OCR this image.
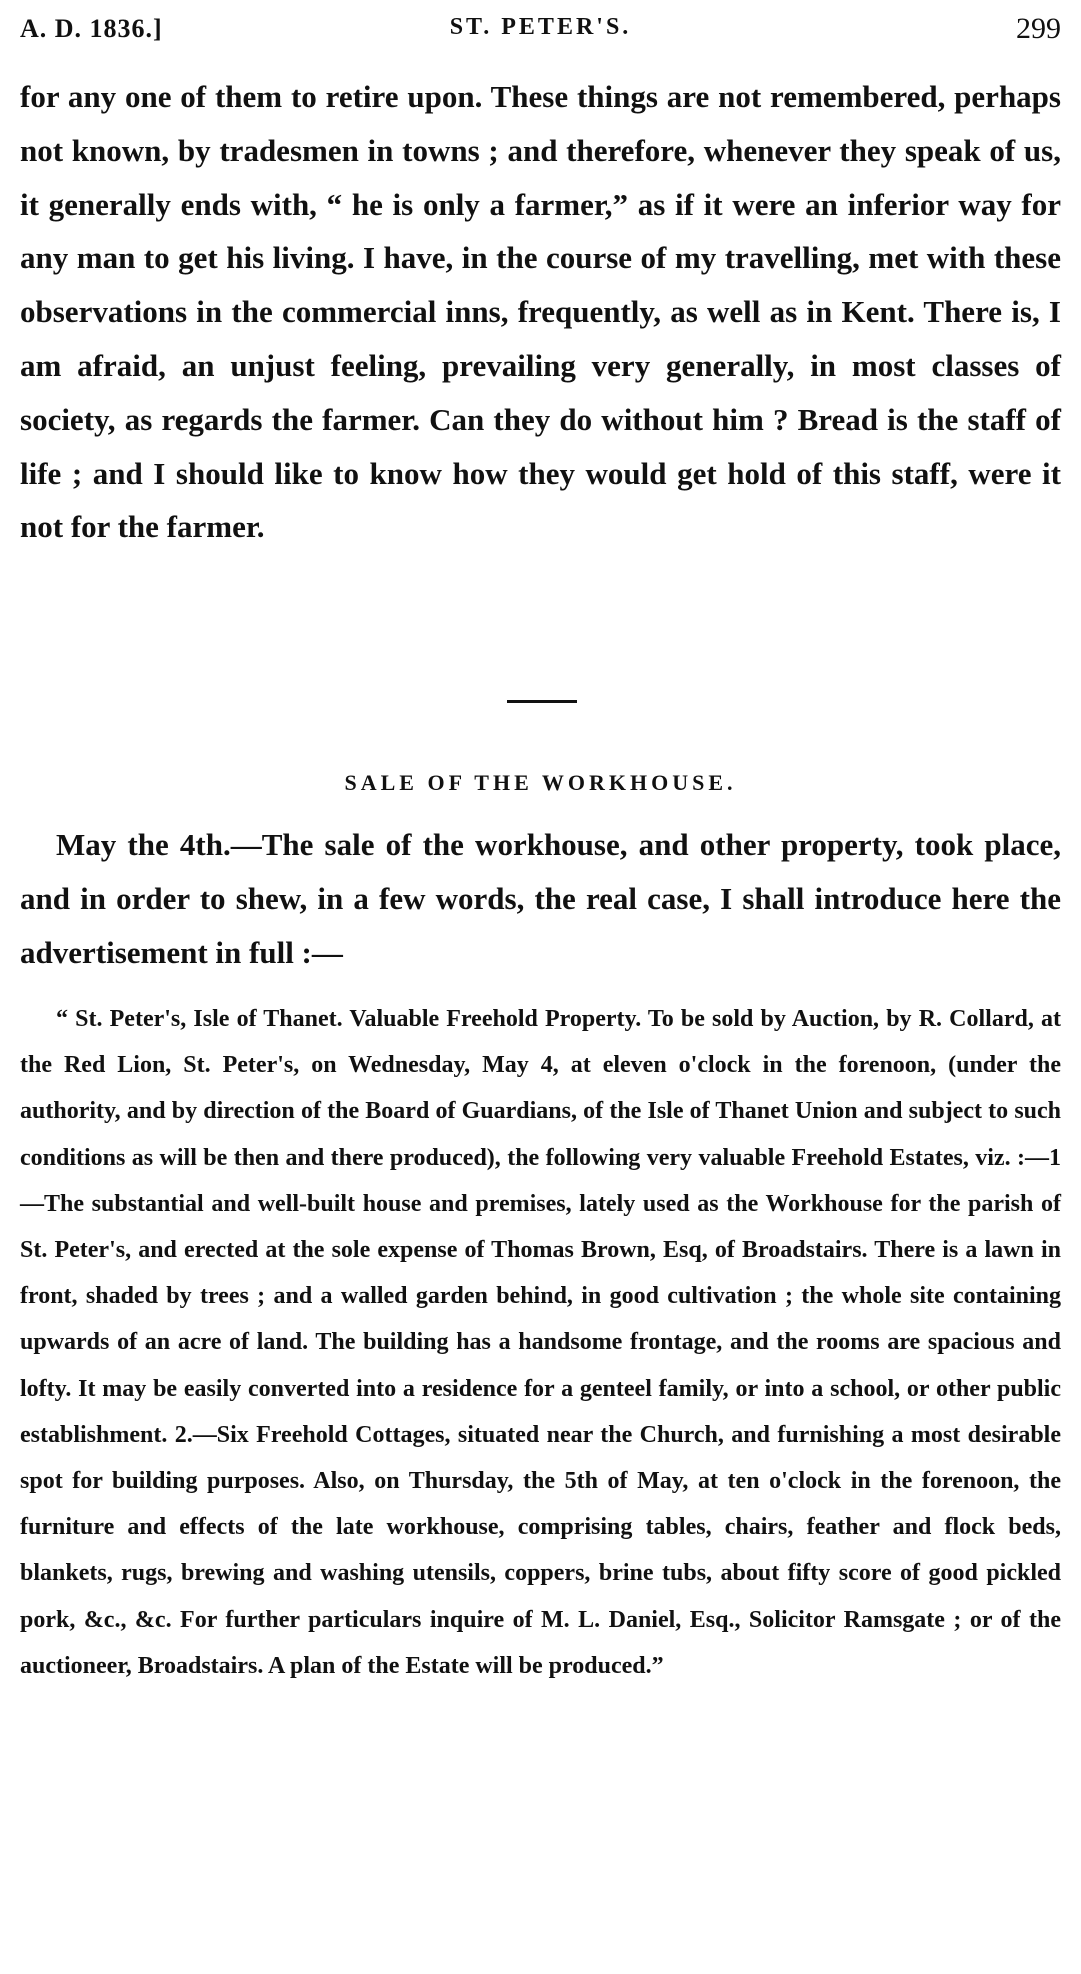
A. D. 1836.]	ST. PETER'S.	299

for any one of them to retire upon. These things are not remembered, perhaps not known, by tradesmen in towns ; and therefore, whenever they speak of us, it generally ends with, “ he is only a farmer,” as if it were an inferior way for any man to get his living. I have, in the course of my travelling, met with these observations in the commercial inns, frequently, as well as in Kent. There is, I am afraid, an unjust feeling, prevailing very generally, in most classes of society, as regards the farmer. Can they do without him ? Bread is the staff of life ; and I should like to know how they would get hold of this staff, were it not for the farmer.

SALE OF THE WORKHOUSE.

May the 4th.—The sale of the workhouse, and other property, took place, and in order to shew, in a few words, the real case, I shall introduce here the advertisement in full :—

“ St. Peter's, Isle of Thanet. Valuable Freehold Property. To be sold by Auction, by R. Collard, at the Red Lion, St. Peter's, on Wednesday, May 4, at eleven o'clock in the forenoon, (under the authority, and by direction of the Board of Guardians, of the Isle of Thanet Union and subject to such conditions as will be then and there produced), the following very valuable Freehold Estates, viz. :—1—The substantial and well-built house and premises, lately used as the Workhouse for the parish of St. Peter's, and erected at the sole expense of Thomas Brown, Esq, of Broadstairs. There is a lawn in front, shaded by trees ; and a walled garden behind, in good cultivation ; the whole site containing upwards of an acre of land. The building has a handsome frontage, and the rooms are spacious and lofty. It may be easily converted into a residence for a genteel family, or into a school, or other public establishment. 2.—Six Freehold Cottages, situated near the Church, and furnishing a most desirable spot for building purposes. Also, on Thursday, the 5th of May, at ten o'clock in the forenoon, the furniture and effects of the late workhouse, comprising tables, chairs, feather and flock beds, blankets, rugs, brewing and washing utensils, coppers, brine tubs, about fifty score of good pickled pork, &c., &c. For further particulars inquire of M. L. Daniel, Esq., Solicitor Ramsgate ; or of the auctioneer, Broadstairs. A plan of the Estate will be produced.”
